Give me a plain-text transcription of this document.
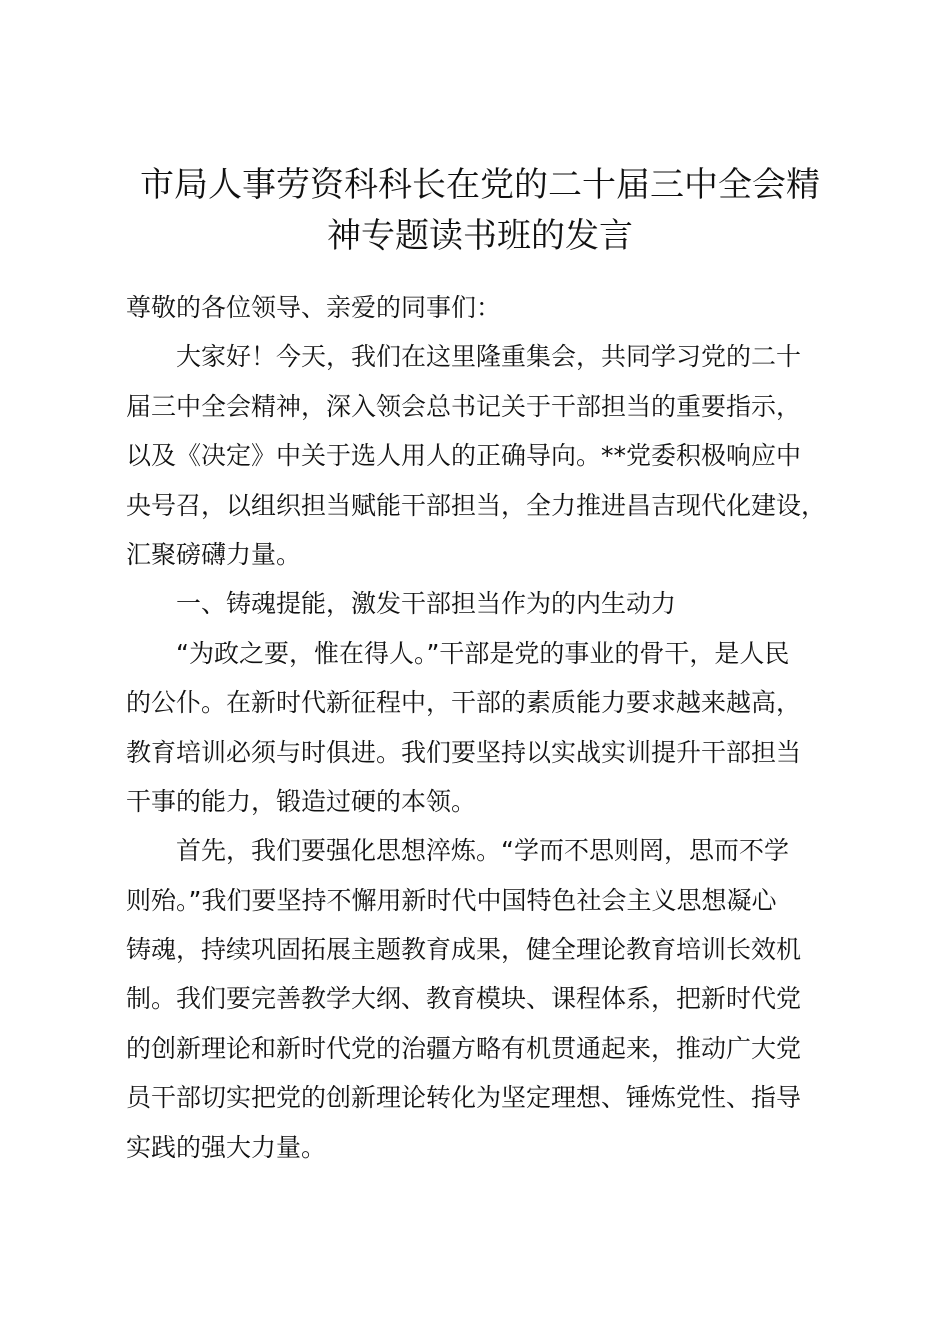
市局人事劳资科科长在党的二十届三中全会精
神专题读书班的发言
尊敬的各位领导、亲爱的同事们：
大家好！今天，我们在这里隆重集会，共同学习党的二十
届三中全会精神，深入领会总书记关于干部担当的重要指示，
以及《决定》中关于选人用人的正确导向。**党委积极响应中
央号召，以组织担当赋能干部担当，全力推进昌吉现代化建设，
汇聚磅礴力量。
一、铸魂提能，激发干部担当作为的内生动力
“为政之要，惟在得人。”干部是党的事业的骨干，是人民
的公仆。在新时代新征程中，干部的素质能力要求越来越高，
教育培训必须与时俱进。我们要坚持以实战实训提升干部担当
干事的能力，锻造过硬的本领。
首先，我们要强化思想淬炼。“学而不思则罔，思而不学
则殆。”我们要坚持不懈用新时代中国特色社会主义思想凝心
铸魂，持续巩固拓展主题教育成果，健全理论教育培训长效机
制。我们要完善教学大纲、教育模块、课程体系，把新时代党
的创新理论和新时代党的治疆方略有机贯通起来，推动广大党
员干部切实把党的创新理论转化为坚定理想、锤炼党性、指导
实践的强大力量。
